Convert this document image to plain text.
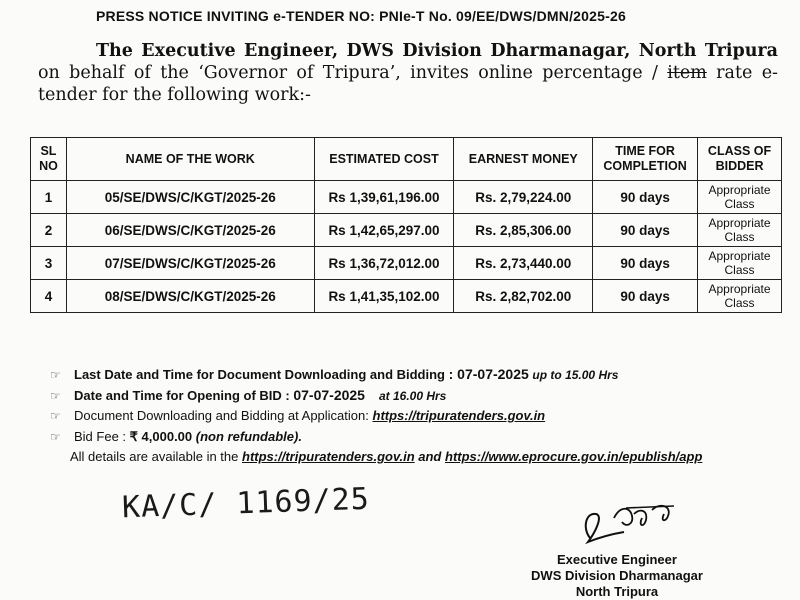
PRESS NOTICE INVITING e-TENDER NO: PNIe-T No. 09/EE/DWS/DMN/2025-26
The Executive Engineer, DWS Division Dharmanagar, North Tripura on behalf of the ‘Governor of Tripura’, invites online percentage / item rate e-tender for the following work:-
SL NO	NAME OF THE WORK	ESTIMATED COST	EARNEST MONEY	TIME FOR COMPLETION	CLASS OF BIDDER
1	05/SE/DWS/C/KGT/2025-26	Rs 1,39,61,196.00	Rs. 2,79,224.00	90 days	Appropriate Class
2	06/SE/DWS/C/KGT/2025-26	Rs 1,42,65,297.00	Rs. 2,85,306.00	90 days	Appropriate Class
3	07/SE/DWS/C/KGT/2025-26	Rs 1,36,72,012.00	Rs. 2,73,440.00	90 days	Appropriate Class
4	08/SE/DWS/C/KGT/2025-26	Rs 1,41,35,102.00	Rs. 2,82,702.00	90 days	Appropriate Class
☞	Last Date and Time for Document Downloading and Bidding
: 07-07-2025
up to 15.00 Hrs
☞	Date and Time for Opening of BID :
07-07-2025 at 16.00 Hrs
☞	Document Downloading and Bidding at Application:
https://tripuratenders.gov.in
☞	Bid Fee :
₹ 4,000.00
(non refundable).
All details are available in the
https://tripuratenders.gov.in
and
https://www.eprocure.gov.in/epublish/app
KA/C/ 1169/25
Executive Engineer
DWS Division Dharmanagar
North Tripura
